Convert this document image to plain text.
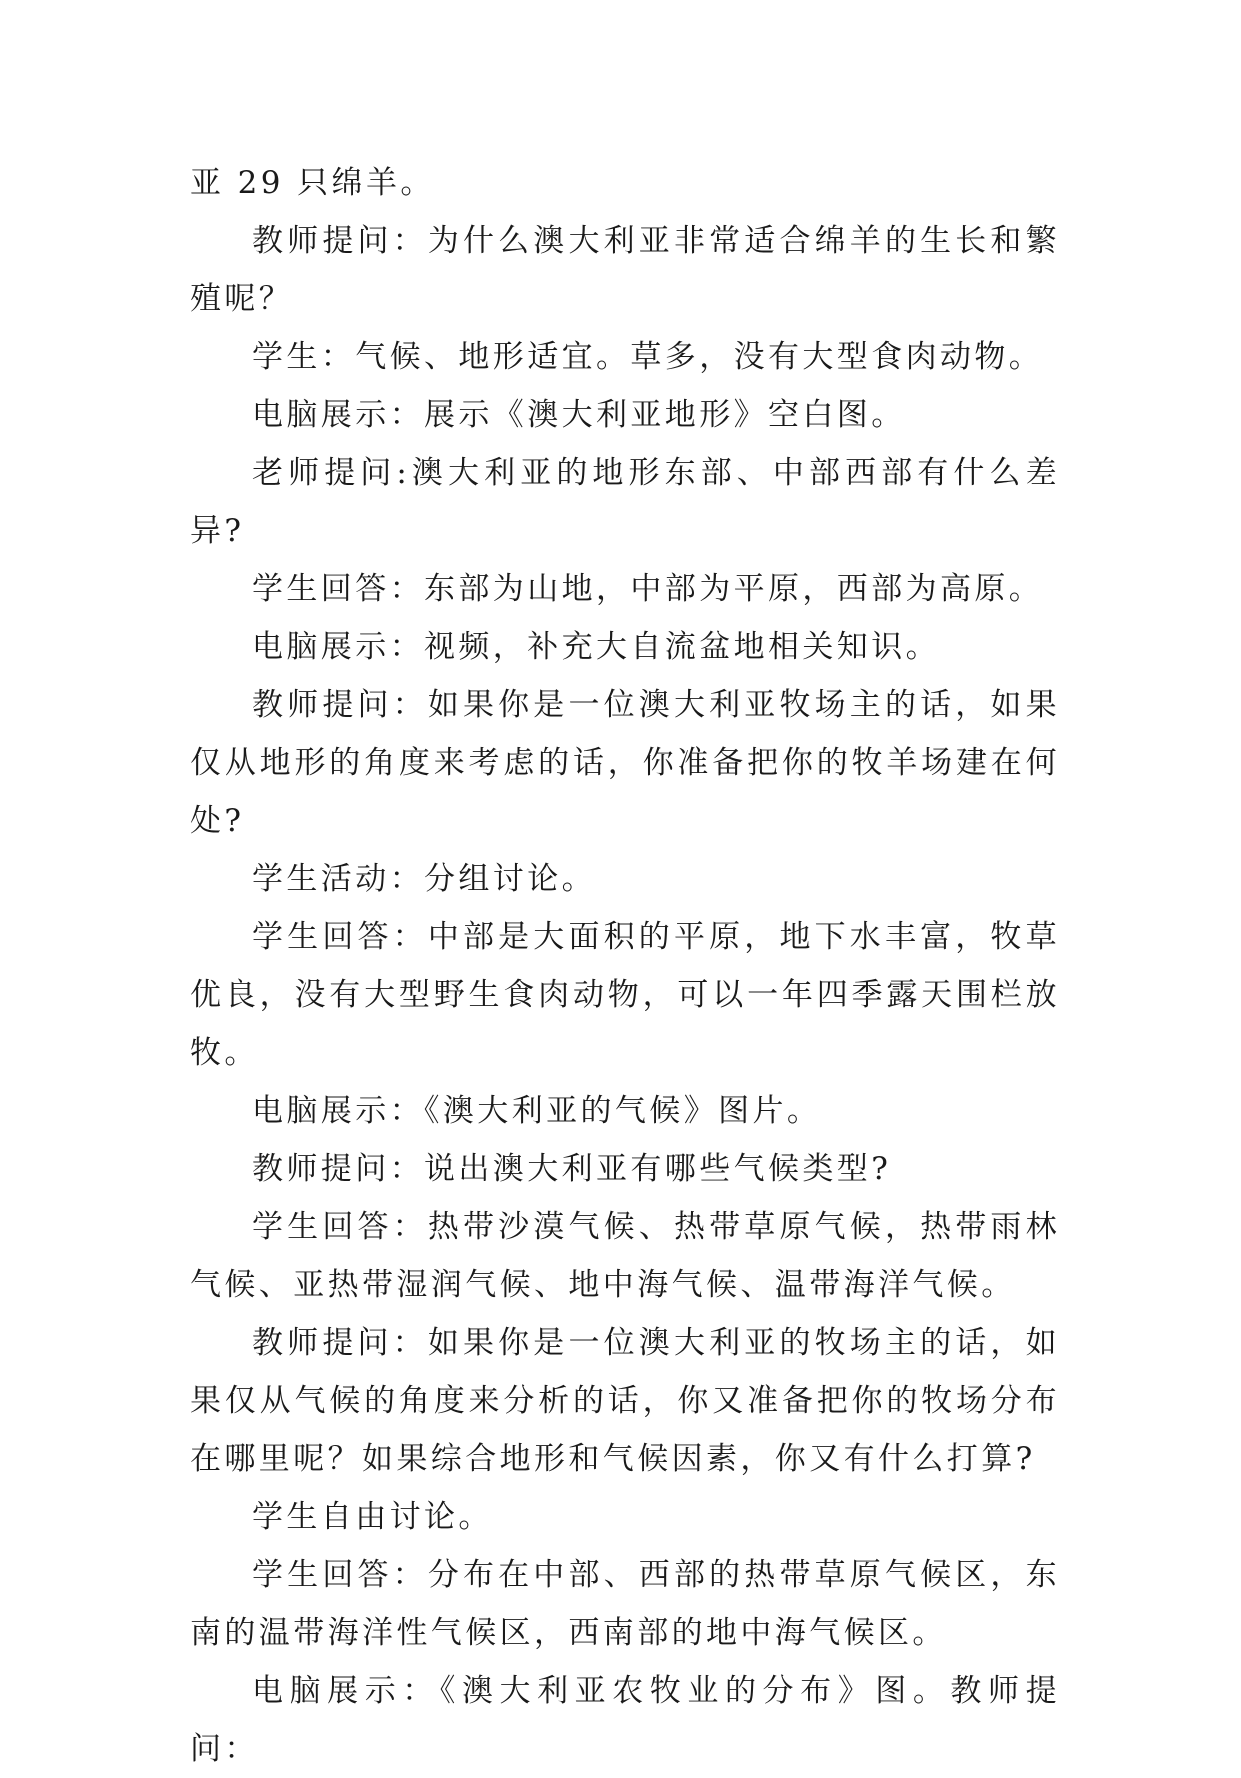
亚 29 只绵羊。

教师提问：为什么澳大利亚非常适合绵羊的生长和繁殖呢？

学生：气候、地形适宜。草多，没有大型食肉动物。

电脑展示：展示《澳大利亚地形》空白图。

老师提问:澳大利亚的地形东部、中部西部有什么差异?

学生回答：东部为山地，中部为平原，西部为高原。

电脑展示：视频，补充大自流盆地相关知识。

教师提问：如果你是一位澳大利亚牧场主的话，如果仅从地形的角度来考虑的话，你准备把你的牧羊场建在何处?

学生活动：分组讨论。

学生回答：中部是大面积的平原，地下水丰富，牧草优良，没有大型野生食肉动物，可以一年四季露天围栏放牧。

电脑展示：《澳大利亚的气候》图片。

教师提问：说出澳大利亚有哪些气候类型?

学生回答：热带沙漠气候、热带草原气候，热带雨林气候、亚热带湿润气候、地中海气候、温带海洋气候。

教师提问：如果你是一位澳大利亚的牧场主的话，如果仅从气候的角度来分析的话，你又准备把你的牧场分布在哪里呢？如果综合地形和气候因素，你又有什么打算?

学生自由讨论。

学生回答：分布在中部、西部的热带草原气候区，东南的温带海洋性气候区，西南部的地中海气候区。

电脑展示：《澳大利亚农牧业的分布》图。教师提问：
